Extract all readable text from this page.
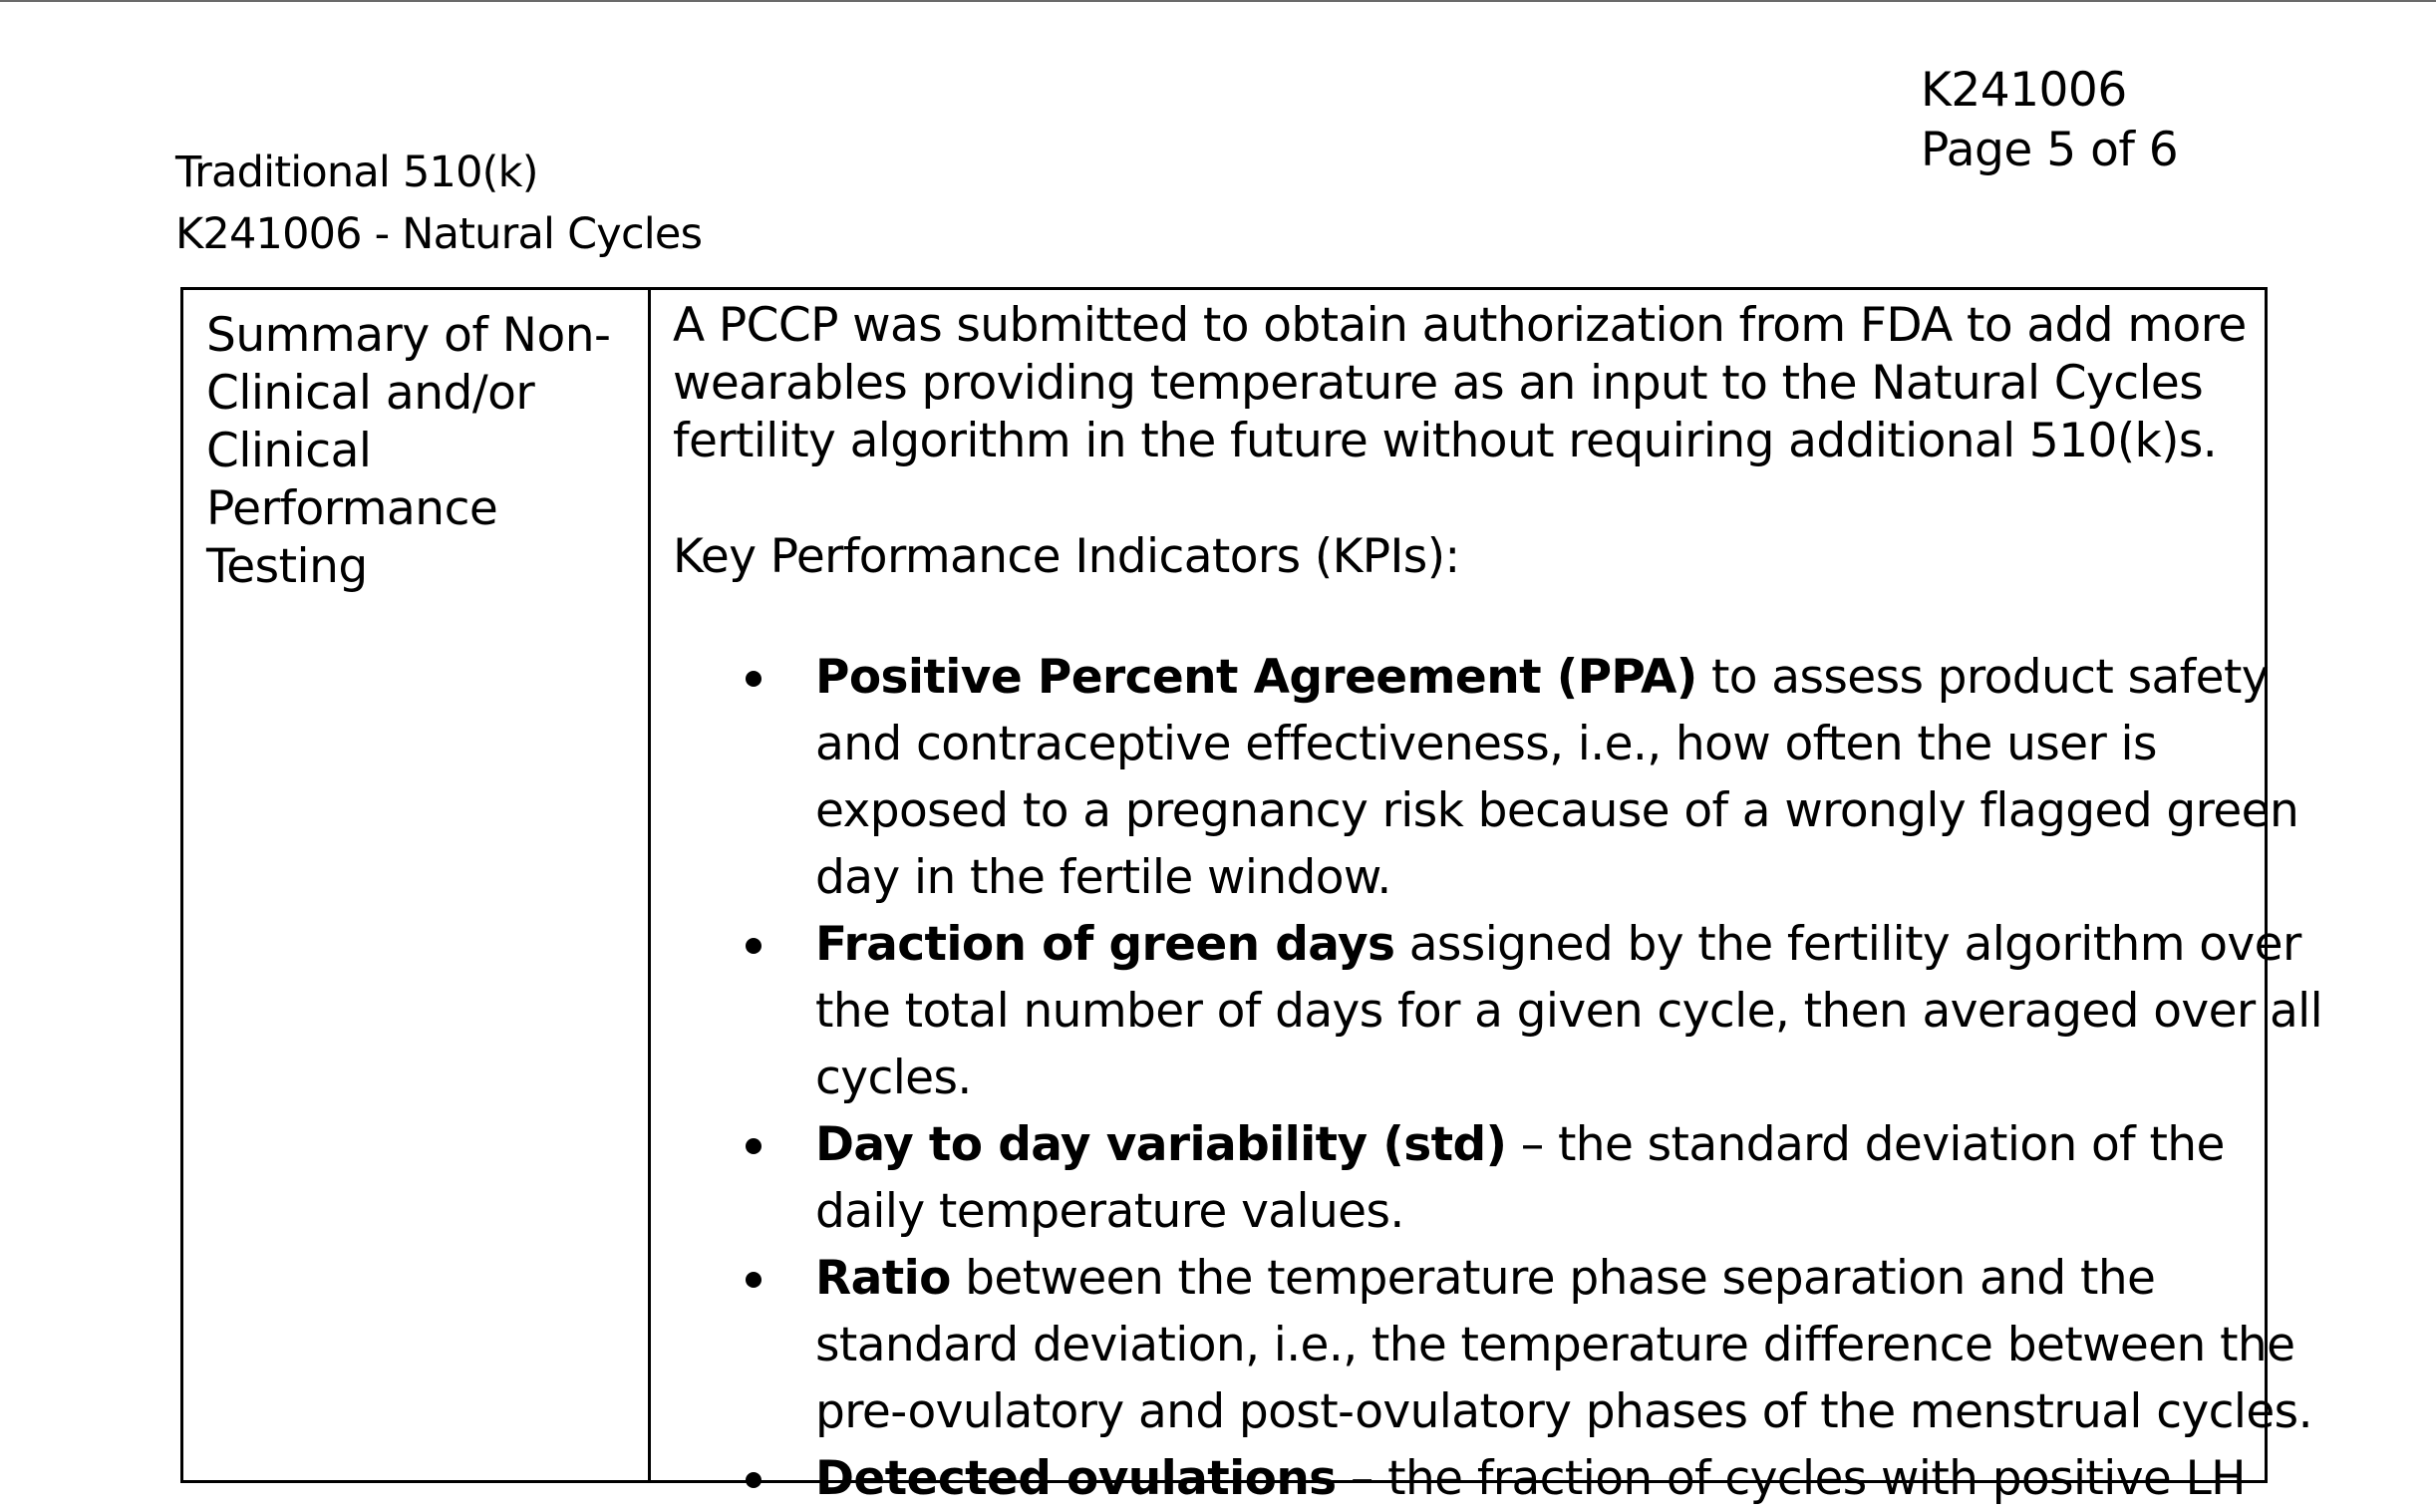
K241006
Page 5 of 6
Traditional 510(k)
K241006 - Natural Cycles
Summary of Non-
Clinical and/or
Clinical
Performance
Testing

A PCCP was submitted to obtain authorization from FDA to add more
wearables providing temperature as an input to the Natural Cycles
fertility algorithm in the future without requiring additional 510(k)s.

Key Performance Indicators (KPIs):

Positive Percent Agreement (PPA) to assess product safety
and contraceptive effectiveness, i.e., how often the user is
exposed to a pregnancy risk because of a wrongly flagged green
day in the fertile window.
Fraction of green days assigned by the fertility algorithm over
the total number of days for a given cycle, then averaged over all
cycles.
Day to day variability (std) – the standard deviation of the
daily temperature values.
Ratio between the temperature phase separation and the
standard deviation, i.e., the temperature difference between the
pre-ovulatory and post-ovulatory phases of the menstrual cycles.
Detected ovulations – the fraction of cycles with positive LH
